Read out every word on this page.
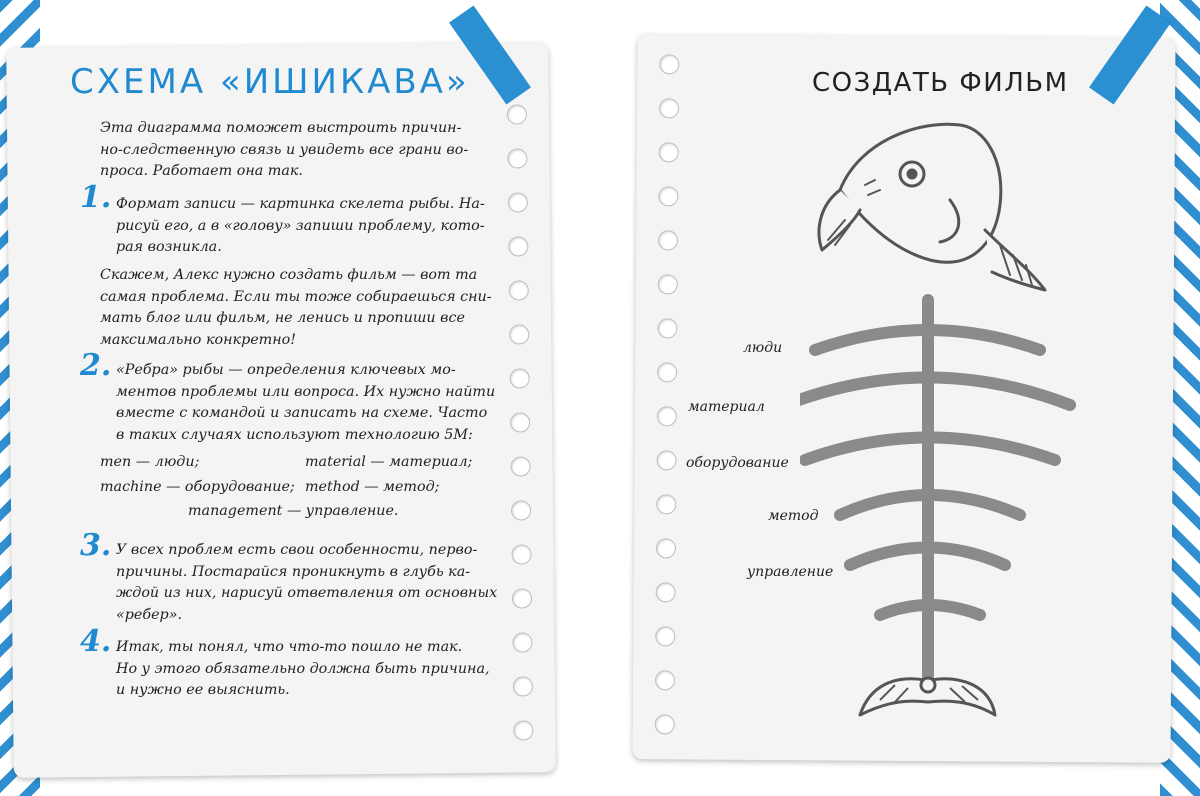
СХЕМА «ИШИКАВА»
Эта диаграмма поможет выстроить причин-
но-следственную связь и увидеть все грани во-
проса. Работает она так.
1. Формат записи — картинка скелета рыбы. На-
рисуй его, а в «голову» запиши проблему, кото-
рая возникла.
Скажем, Алекс нужно создать фильм — вот та
самая проблема. Если ты тоже собираешься сни-
мать блог или фильм, не ленись и пропиши все
максимально конкретно!
2. «Ребра» рыбы — определения ключевых мо-
ментов проблемы или вопроса. Их нужно найти
вместе с командой и записать на схеме. Часто
в таких случаях используют технологию 5М:
men — люди;	material — материал;
machine — оборудование; method — метод;
management — управление.
3. У всех проблем есть свои особенности, перво-
причины. Постарайся проникнуть в глубь ка-
ждой из них, нарисуй ответвления от основных
«ребер».
4. Итак, ты понял, что что-то пошло не так.
Но у этого обязательно должна быть причина,
и нужно ее выяснить.
СОЗДАТЬ ФИЛЬМ
люди
материал
оборудование
метод
управление
